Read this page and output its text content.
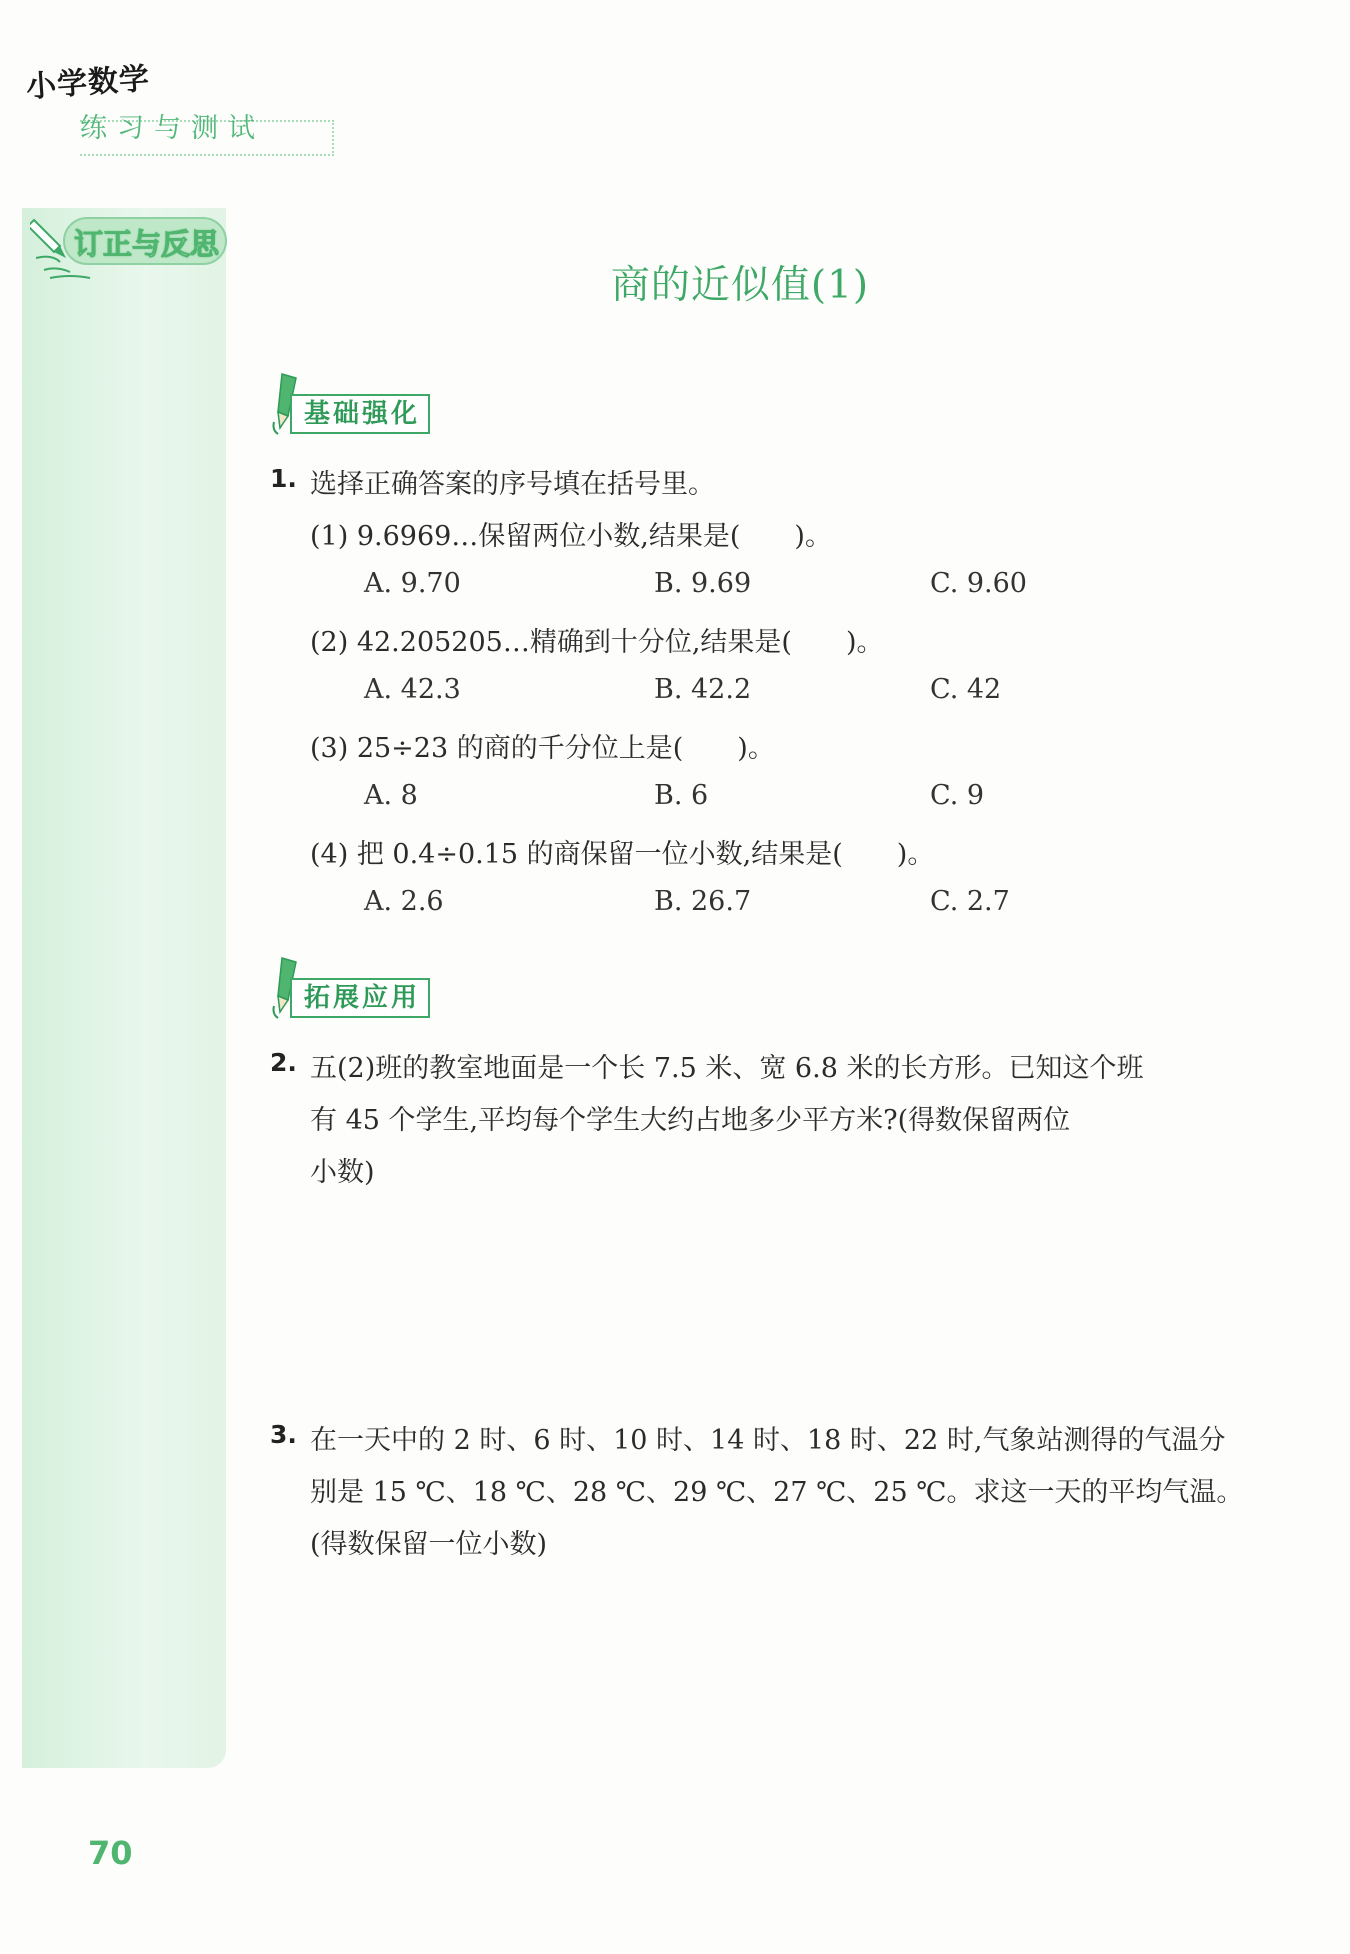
小学数学
练习与测试
订正与反思
商的近似值(1)
基础强化
1. 选择正确答案的序号填在括号里。
(1) 9.6969…保留两位小数,结果是(　　)。
A. 9.70	B. 9.69	C. 9.60
(2) 42.205205…精确到十分位,结果是(　　)。
A. 42.3	B. 42.2	C. 42
(3) 25÷23 的商的千分位上是(　　)。
A. 8	B. 6	C. 9
(4) 把 0.4÷0.15 的商保留一位小数,结果是(　　)。
A. 2.6	B. 26.7	C. 2.7
拓展应用
2. 五(2)班的教室地面是一个长 7.5 米、宽 6.8 米的长方形。已知这个班
有 45 个学生,平均每个学生大约占地多少平方米?(得数保留两位
小数)
3. 在一天中的 2 时、6 时、10 时、14 时、18 时、22 时,气象站测得的气温分
别是 15 ℃、18 ℃、28 ℃、29 ℃、27 ℃、25 ℃。求这一天的平均气温。
(得数保留一位小数)
70
